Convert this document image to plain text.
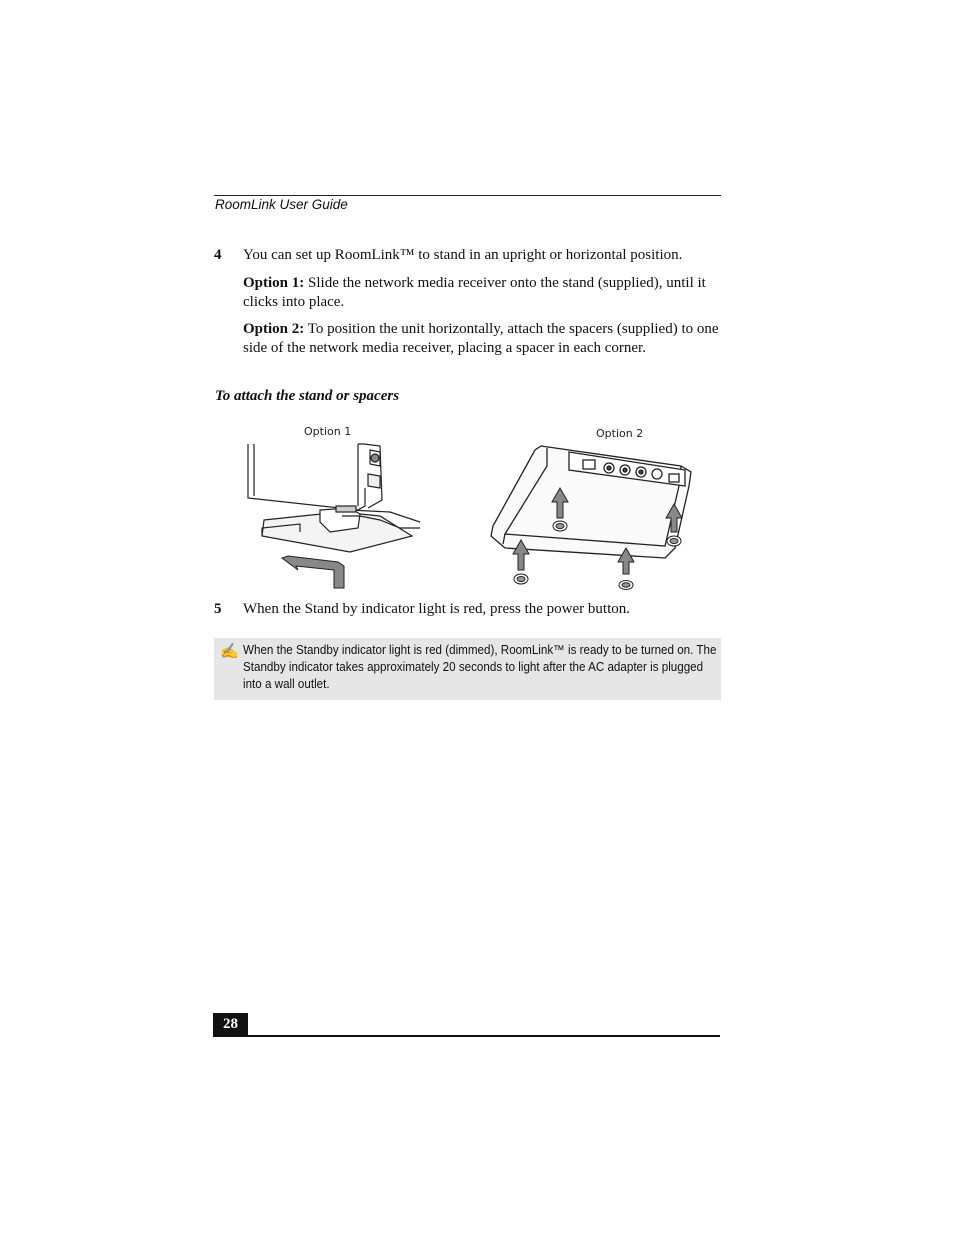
RoomLink User Guide
4 You can set up RoomLink™ to stand in an upright or horizontal position.
Option 1: Slide the network media receiver onto the stand (supplied), until it clicks into place.
Option 2: To position the unit horizontally, attach the spacers (supplied) to one side of the network media receiver, placing a spacer in each corner.
To attach the stand or spacers
Option 1	Option 2
5 When the Stand by indicator light is red, press the power button.
✍ When the Standby indicator light is red (dimmed), RoomLink™ is ready to be turned on. The Standby indicator takes approximately 20 seconds to light after the AC adapter is plugged into a wall outlet.
28
